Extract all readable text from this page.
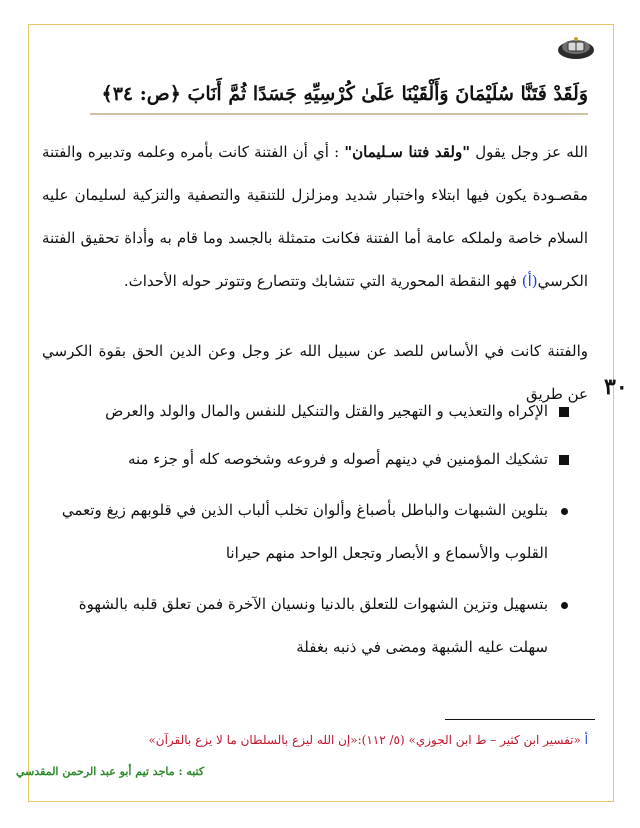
وَلَقَدْ فَتَنَّا سُلَيْمَانَ وَأَلْقَيْنَا عَلَىٰ كُرْسِيِّهِ جَسَدًا ثُمَّ أَنَابَ ﴿ص: ٣٤﴾
الله عز وجل يقول "ولقد فتنا سـليمان" : أي أن الفتنة كانت بأمره وعلمه وتدبيره والفتنة مقصـودة يكون فيها ابتلاء واختبار شديد ومزلزل للتنقية والتصفية والتزكية لسليمان عليه السلام خاصة ولملكه عامة أما الفتنة فكانت متمثلة بالجسد وما قام به وأداة تحقيق الفتنة الكرسي(أ) فهو النقطة المحورية التي تتشابك وتتصارع وتتوتر حوله الأحداث.
والفتنة كانت في الأساس للصد عن سبيل الله عز وجل وعن الدين الحق بقوة الكرسي عن طريق ٣٠
الإكراه والتعذيب و التهجير والقتل والتنكيل للنفس والمال والولد والعرض
تشكيك المؤمنين في دينهم أصوله و فروعه وشخوصه كله أو جزء منه
بتلوين الشبهات والباطل بأصباغ وألوان تخلب ألباب الذين في قلوبهم زيغ وتعمي القلوب والأسماع و الأبصار وتجعل الواحد منهم حيرانا
بتسهيل وتزين الشهوات للتعلق بالدنيا ونسيان الآخرة فمن تعلق قلبه بالشهوة سهلت عليه الشبهة ومضى في ذنبه بغفلة
أ «تفسير ابن كثير – ط ابن الجوزي» (٥/ ١١٢):«إن الله ليزع بالسلطان ما لا يزع بالقرآن»
كتبه : ماجد تيم أبو عبد الرحمن المقدسي
